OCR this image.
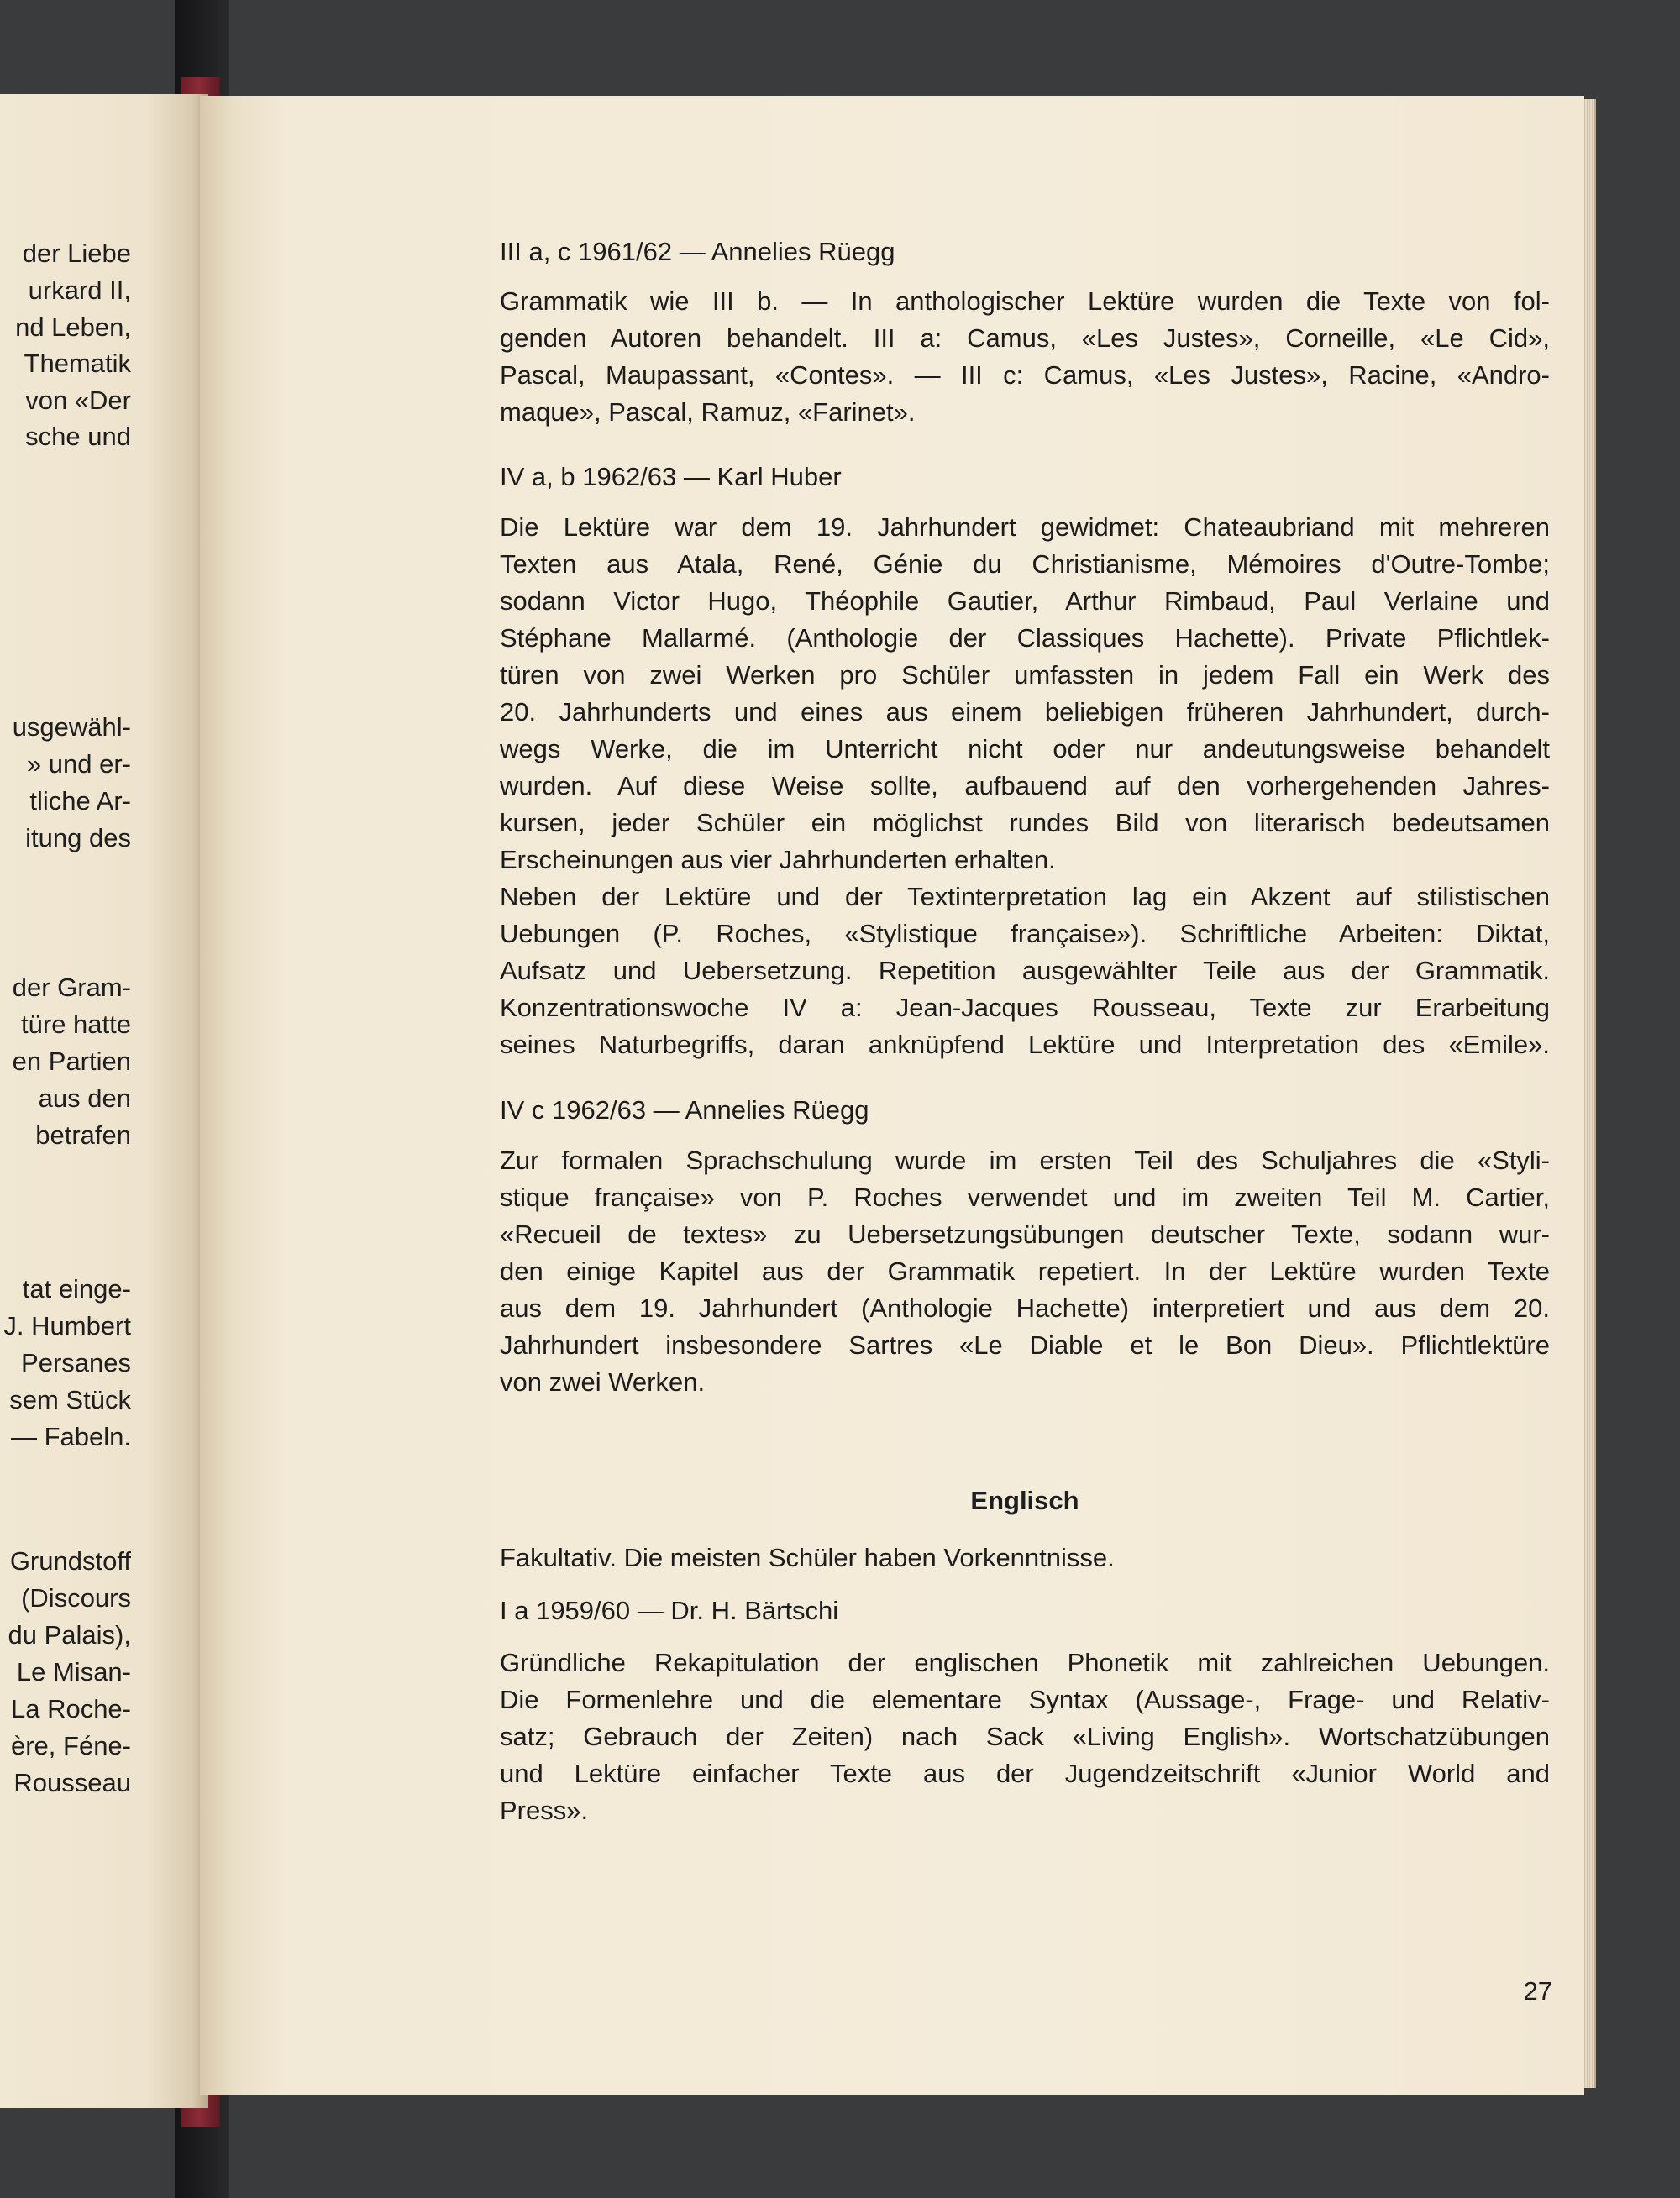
der Liebe
urkard II,
nd Leben,
Thematik
von «Der
sche und
usgewähl-
» und er-
tliche Ar-
itung des
der Gram-
türe hatte
en Partien
aus den
betrafen
tat einge-
J. Humbert
Persanes
sem Stück
— Fabeln.
Grundstoff
(Discours
du Palais),
Le Misan-
La Roche-
ère, Féne-
Rousseau
III a, c 1961/62 — Annelies Rüegg
Grammatik wie III b. — In anthologischer Lektüre wurden die Texte von fol-
genden Autoren behandelt. III a: Camus, «Les Justes», Corneille, «Le Cid»,
Pascal, Maupassant, «Contes». — III c: Camus, «Les Justes», Racine, «Andro-
maque», Pascal, Ramuz, «Farinet».
IV a, b 1962/63 — Karl Huber
Die Lektüre war dem 19. Jahrhundert gewidmet: Chateaubriand mit mehreren
Texten aus Atala, René, Génie du Christianisme, Mémoires d'Outre-Tombe;
sodann Victor Hugo, Théophile Gautier, Arthur Rimbaud, Paul Verlaine und
Stéphane Mallarmé. (Anthologie der Classiques Hachette). Private Pflichtlek-
türen von zwei Werken pro Schüler umfassten in jedem Fall ein Werk des
20. Jahrhunderts und eines aus einem beliebigen früheren Jahrhundert, durch-
wegs Werke, die im Unterricht nicht oder nur andeutungsweise behandelt
wurden. Auf diese Weise sollte, aufbauend auf den vorhergehenden Jahres-
kursen, jeder Schüler ein möglichst rundes Bild von literarisch bedeutsamen
Erscheinungen aus vier Jahrhunderten erhalten.
Neben der Lektüre und der Textinterpretation lag ein Akzent auf stilistischen
Uebungen (P. Roches, «Stylistique française»). Schriftliche Arbeiten: Diktat,
Aufsatz und Uebersetzung. Repetition ausgewählter Teile aus der Grammatik.
Konzentrationswoche IV a: Jean-Jacques Rousseau, Texte zur Erarbeitung
seines Naturbegriffs, daran anknüpfend Lektüre und Interpretation des «Emile».
IV c 1962/63 — Annelies Rüegg
Zur formalen Sprachschulung wurde im ersten Teil des Schuljahres die «Styli-
stique française» von P. Roches verwendet und im zweiten Teil M. Cartier,
«Recueil de textes» zu Uebersetzungsübungen deutscher Texte, sodann wur-
den einige Kapitel aus der Grammatik repetiert. In der Lektüre wurden Texte
aus dem 19. Jahrhundert (Anthologie Hachette) interpretiert und aus dem 20.
Jahrhundert insbesondere Sartres «Le Diable et le Bon Dieu». Pflichtlektüre
von zwei Werken.
Englisch
Fakultativ. Die meisten Schüler haben Vorkenntnisse.
I a 1959/60 — Dr. H. Bärtschi
Gründliche Rekapitulation der englischen Phonetik mit zahlreichen Uebungen.
Die Formenlehre und die elementare Syntax (Aussage-, Frage- und Relativ-
satz; Gebrauch der Zeiten) nach Sack «Living English». Wortschatzübungen
und Lektüre einfacher Texte aus der Jugendzeitschrift «Junior World and
Press».
27
